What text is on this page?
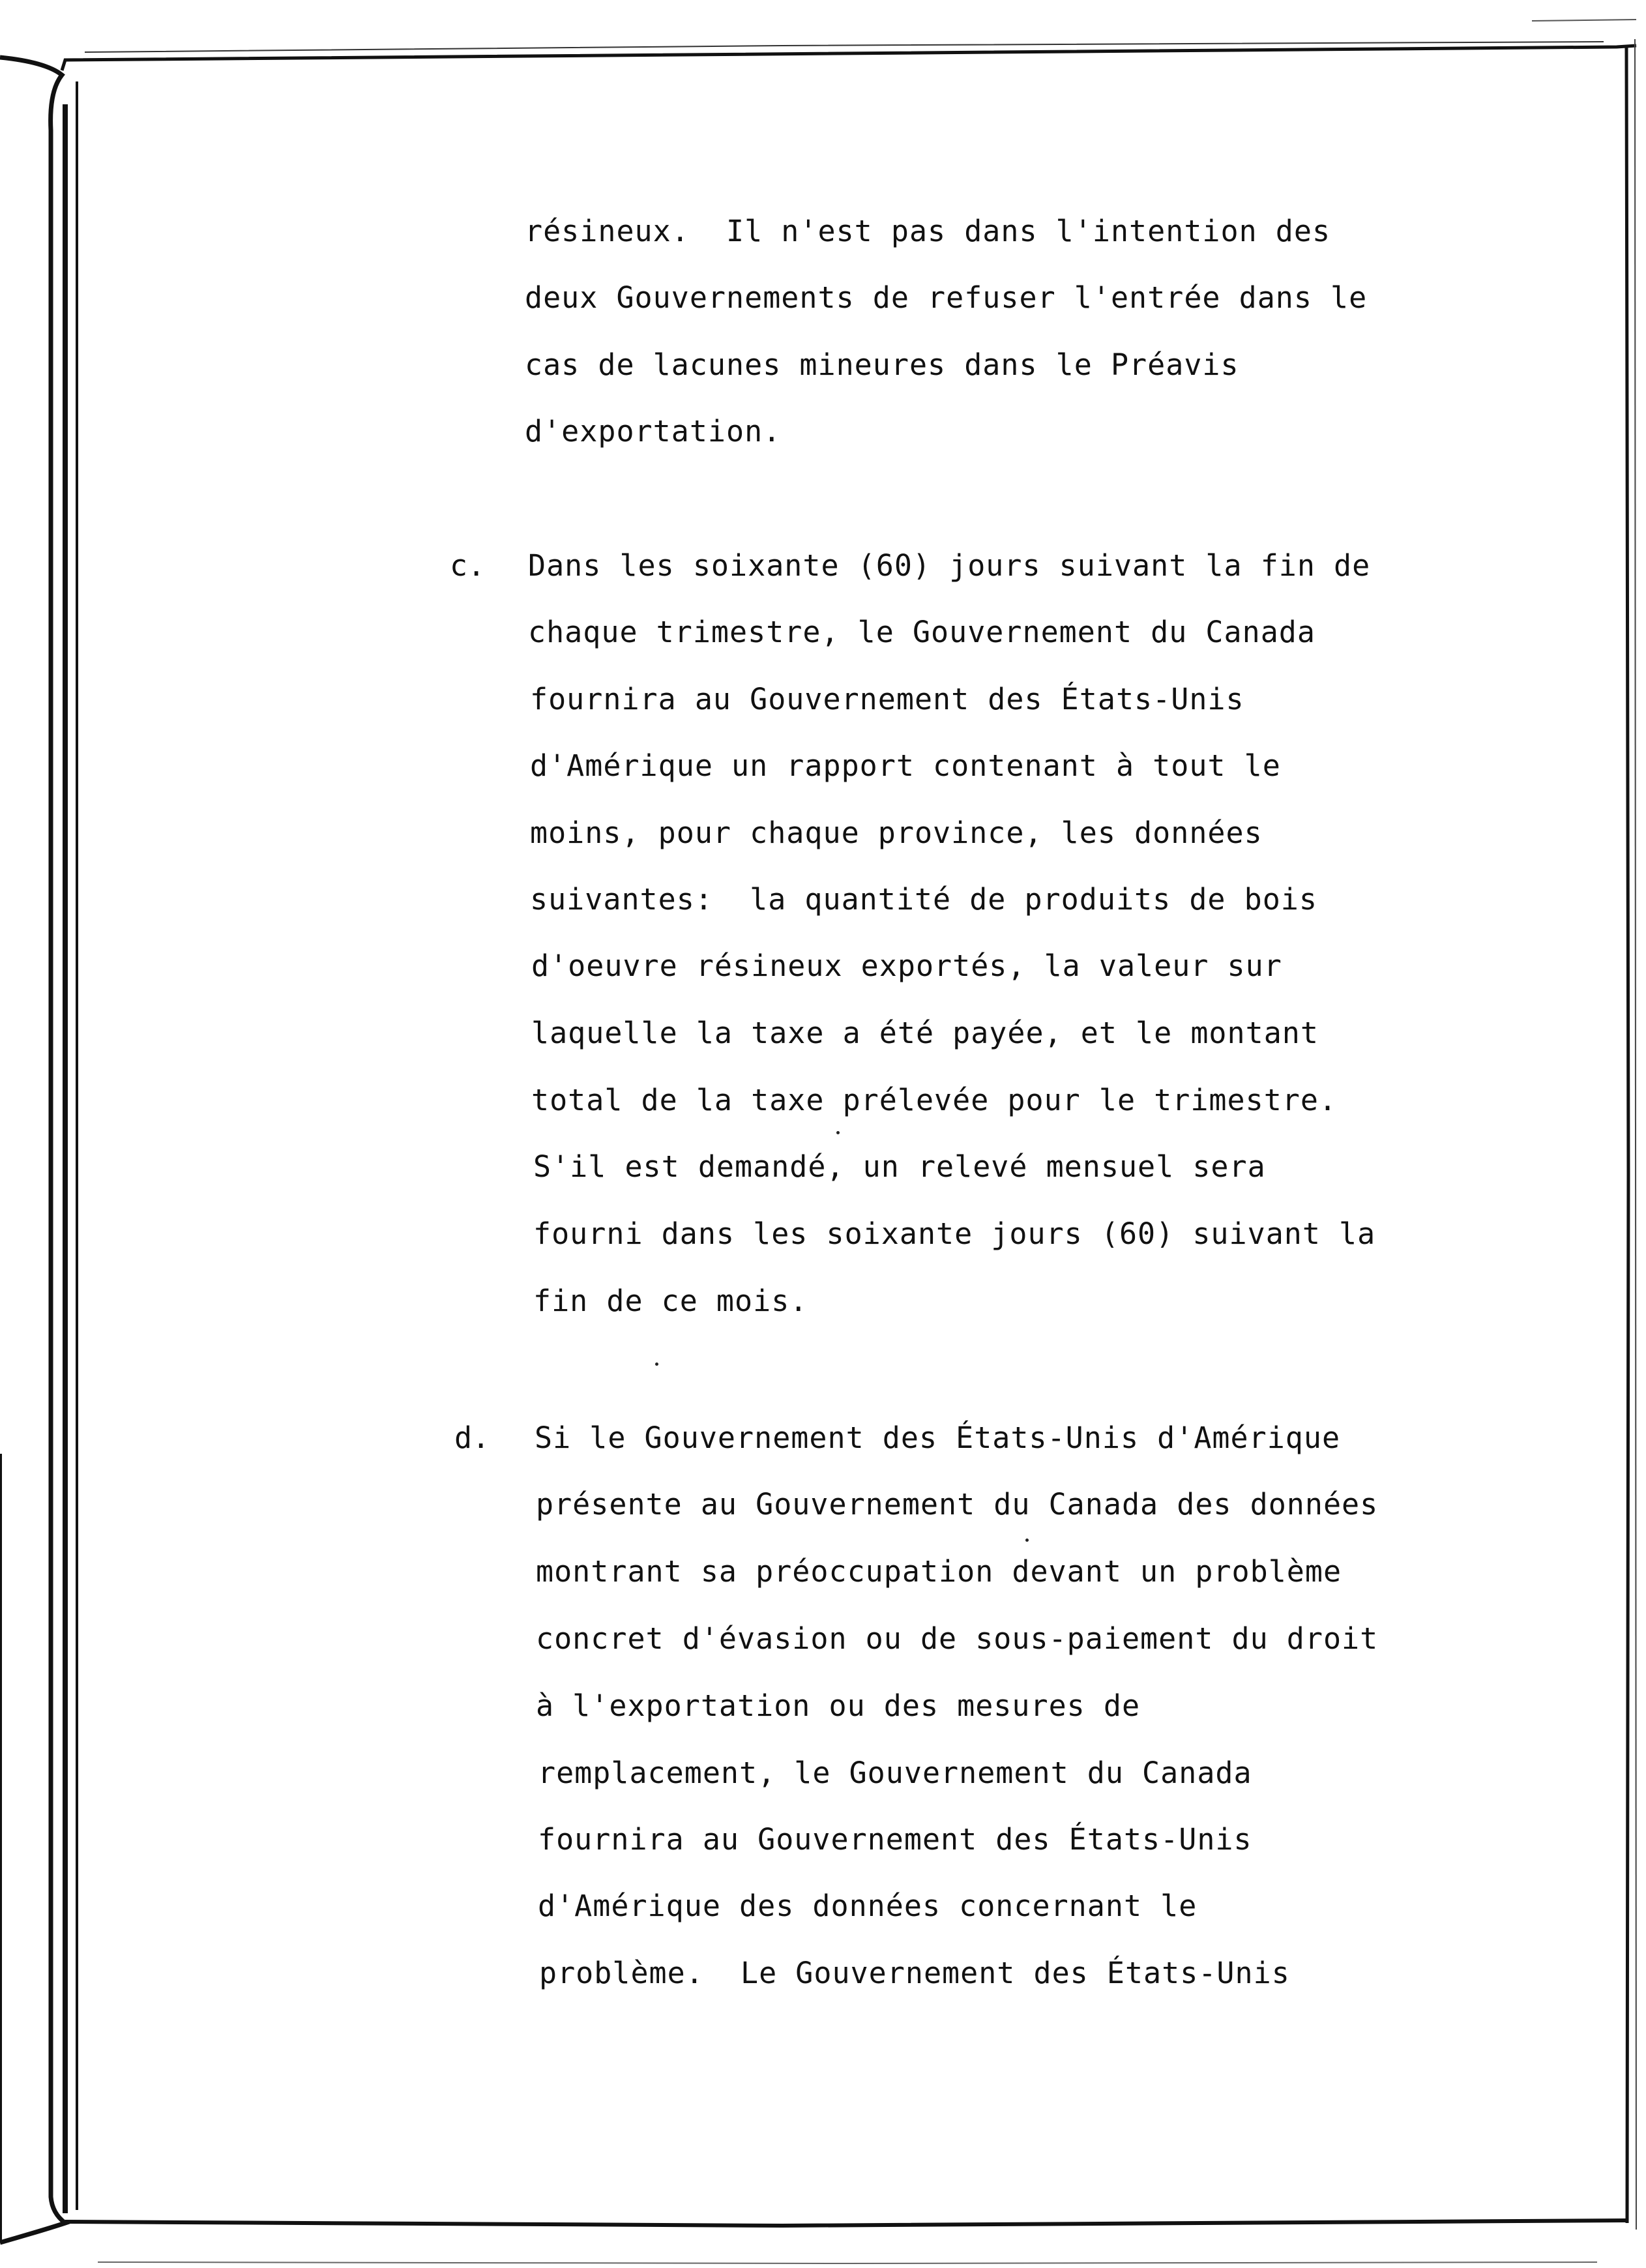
résineux.  Il n'est pas dans l'intention des
deux Gouvernements de refuser l'entrée dans le
cas de lacunes mineures dans le Préavis
d'exportation.
c. Dans les soixante (60) jours suivant la fin de
chaque trimestre, le Gouvernement du Canada
fournira au Gouvernement des États-Unis
d'Amérique un rapport contenant à tout le
moins, pour chaque province, les données
suivantes:  la quantité de produits de bois
d'oeuvre résineux exportés, la valeur sur
laquelle la taxe a été payée, et le montant
total de la taxe prélevée pour le trimestre.
S'il est demandé, un relevé mensuel sera
fourni dans les soixante jours (60) suivant la
fin de ce mois.
d. Si le Gouvernement des États-Unis d'Amérique
présente au Gouvernement du Canada des données
montrant sa préoccupation devant un problème
concret d'évasion ou de sous-paiement du droit
à l'exportation ou des mesures de
remplacement, le Gouvernement du Canada
fournira au Gouvernement des États-Unis
d'Amérique des données concernant le
problème.  Le Gouvernement des États-Unis
